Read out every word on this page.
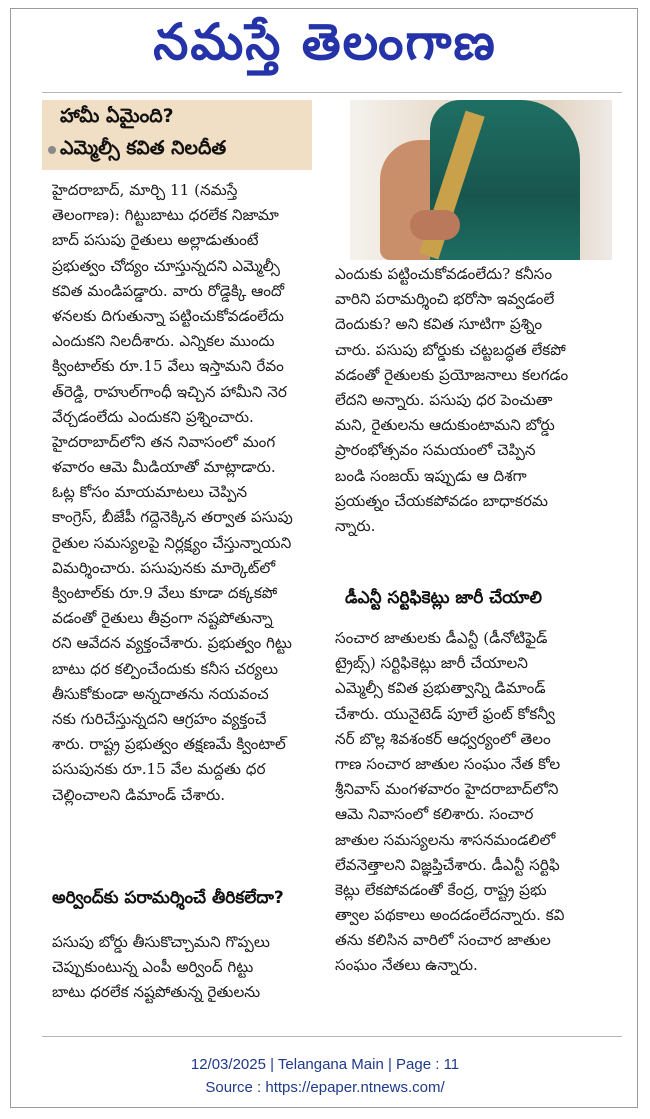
నమస్తే తెలంగాణ
హామీ ఏమైంది?
ఎమ్మెల్సీ కవిత నిలదీత
హైదరాబాద్, మార్చి 11 (నమస్తే
తెలంగాణ): గిట్టుబాటు ధరలేక నిజామా
బాద్ పసుపు రైతులు అల్లాడుతుంటే
ప్రభుత్వం చోద్యం చూస్తున్నదని ఎమ్మెల్సీ
కవిత మండిపడ్డారు. వారు రోడ్డెక్కి ఆందో
ళనలకు దిగుతున్నా పట్టించుకోవడంలేదు
ఎందుకని నిలదీశారు. ఎన్నికల ముందు
క్వింటాల్‌కు రూ.15 వేలు ఇస్తామని రేవం
త్‌రెడ్డి, రాహుల్‌గాంధీ ఇచ్చిన హామీని నెర
వేర్చడంలేదు ఎందుకని ప్రశ్నించారు.
హైదరాబాద్‌లోని తన నివాసంలో మంగ
ళవారం ఆమె మీడియాతో మాట్లాడారు.
ఓట్ల కోసం మాయమాటలు చెప్పిన
కాంగ్రెస్, బీజేపీ గద్దెనెక్కిన తర్వాత పసుపు
రైతుల సమస్యలపై నిర్లక్ష్యం చేస్తున్నాయని
విమర్శించారు. పసుపునకు మార్కెట్‌లో
క్వింటాల్‌కు రూ.9 వేలు కూడా దక్కకపో
వడంతో రైతులు తీవ్రంగా నష్టపోతున్నా
రని ఆవేదన వ్యక్తంచేశారు. ప్రభుత్వం గిట్టు
బాటు ధర కల్పించేందుకు కనీస చర్యలు
తీసుకోకుండా అన్నదాతను నయవంచ
నకు గురిచేస్తున్నదని ఆగ్రహం వ్యక్తంచే
శారు. రాష్ట్ర ప్రభుత్వం తక్షణమే క్వింటాల్
పసుపునకు రూ.15 వేల మద్దతు ధర
చెల్లించాలని డిమాండ్ చేశారు.
అర్వింద్‌కు పరామర్శించే తీరికలేదా?
పసుపు బోర్డు తీసుకొచ్చామని గొప్పలు
చెప్పుకుంటున్న ఎంపీ అర్వింద్ గిట్టు
బాటు ధరలేక నష్టపోతున్న రైతులను
ఎందుకు పట్టించుకోవడంలేదు? కనీసం
వారిని పరామర్శించి భరోసా ఇవ్వడంలే
దెందుకు? అని కవిత సూటిగా ప్రశ్నిం
చారు. పసుపు బోర్డుకు చట్టబద్ధత లేకపో
వడంతో రైతులకు ప్రయోజనాలు కలగడం
లేదని అన్నారు. పసుపు ధర పెంచుతా
మని, రైతులను ఆదుకుంటామని బోర్డు
ప్రారంభోత్సవం సమయంలో చెప్పిన
బండి సంజయ్ ఇప్పుడు ఆ దిశగా
ప్రయత్నం చేయకపోవడం బాధాకరమ
న్నారు.
డీఎన్టీ సర్టిఫికెట్లు జారీ చేయాలి
సంచార జాతులకు డీఎన్టీ (డీనోటిఫైడ్
ట్రైబ్స్) సర్టిఫికెట్లు జారీ చేయాలని
ఎమ్మెల్సీ కవిత ప్రభుత్వాన్ని డిమాండ్
చేశారు. యునైటెడ్ పూలే ఫ్రంట్ కోకన్వీ
నర్ బొల్ల శివశంకర్ ఆధ్వర్యంలో తెలం
గాణ సంచార జాతుల సంఘం నేత కోల
శ్రీనివాస్ మంగళవారం హైదరాబాద్‌లోని
ఆమె నివాసంలో కలిశారు. సంచార
జాతుల సమస్యలను శాసనమండలిలో
లేవనెత్తాలని విజ్ఞప్తిచేశారు. డీఎన్టీ సర్టిఫి
కెట్లు లేకపోవడంతో కేంద్ర, రాష్ట్ర ప్రభు
త్వాల పథకాలు అందడంలేదన్నారు. కవి
తను కలిసిన వారిలో సంచార జాతుల
సంఘం నేతలు ఉన్నారు.
12/03/2025 | Telangana Main | Page : 11
Source : https://epaper.ntnews.com/
